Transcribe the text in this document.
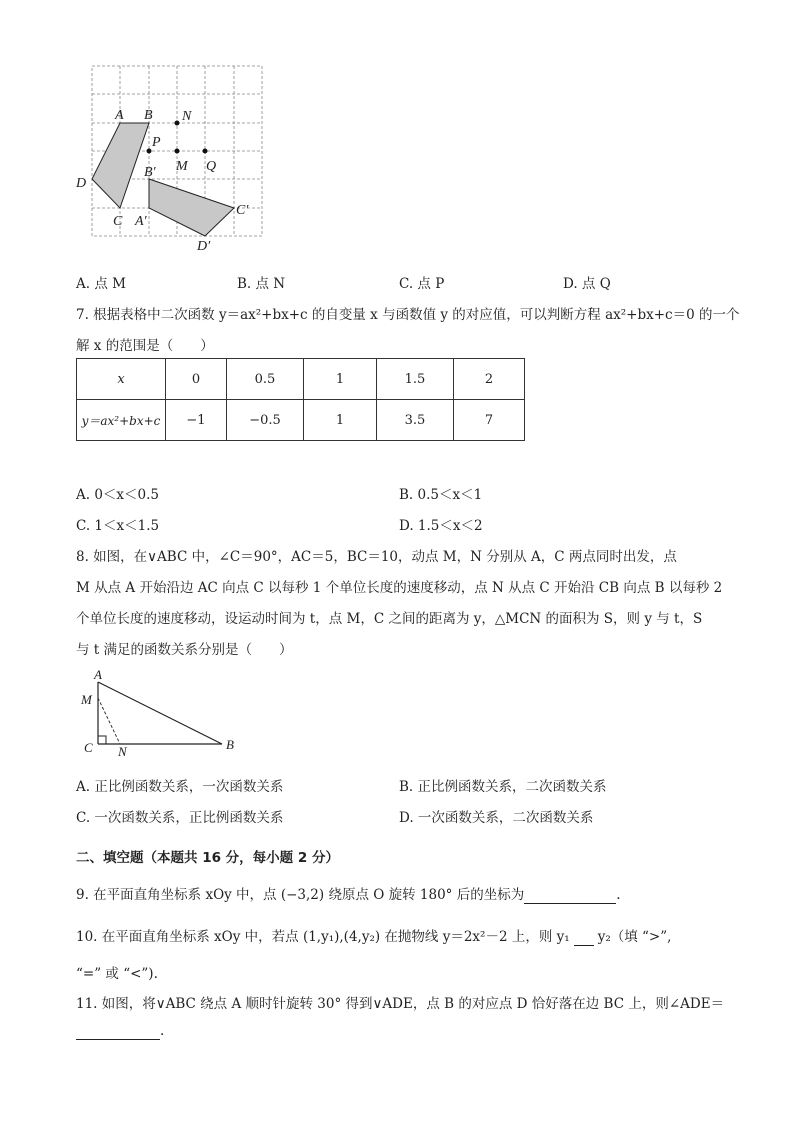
A B N
P
M Q
D
C
B′
A′
C′
D′
A. 点 M	B. 点 N	C. 点 P	D. 点 Q
7. 根据表格中二次函数 y＝ax²+bx+c 的自变量 x 与函数值 y 的对应值，可以判断方程 ax²+bx+c＝0 的一个
解 x 的范围是（　　）
x	0	0.5	1	1.5	2
y＝ax²+bx+c	−1	−0.5	1	3.5	7
A. 0＜x＜0.5	B. 0.5＜x＜1
C. 1＜x＜1.5	D. 1.5＜x＜2
8. 如图，在∨ABC 中，∠C＝90°，AC＝5，BC＝10，动点 M，N 分别从 A，C 两点同时出发，点
M 从点 A 开始沿边 AC 向点 C 以每秒 1 个单位长度的速度移动，点 N 从点 C 开始沿 CB 向点 B 以每秒 2
个单位长度的速度移动，设运动时间为 t，点 M，C 之间的距离为 y，△MCN 的面积为 S，则 y 与 t，S
与 t 满足的函数关系分别是（　　）
A
M
C N	B
A. 正比例函数关系，一次函数关系	B. 正比例函数关系，二次函数关系
C. 一次函数关系，正比例函数关系	D. 一次函数关系，二次函数关系
二、填空题（本题共 16 分，每小题 2 分）
9. 在平面直角坐标系 xOy 中，点 (−3,2) 绕原点 O 旋转 180° 后的坐标为	.
10. 在平面直角坐标系 xOy 中，若点 (1,y₁),(4,y₂) 在抛物线 y＝2x²－2 上，则 y₁ y₂（填 “>”,
“=” 或 “<”).
11. 如图，将∨ABC 绕点 A 顺时针旋转 30° 得到∨ADE，点 B 的对应点 D 恰好落在边 BC 上，则∠ADE＝
.
